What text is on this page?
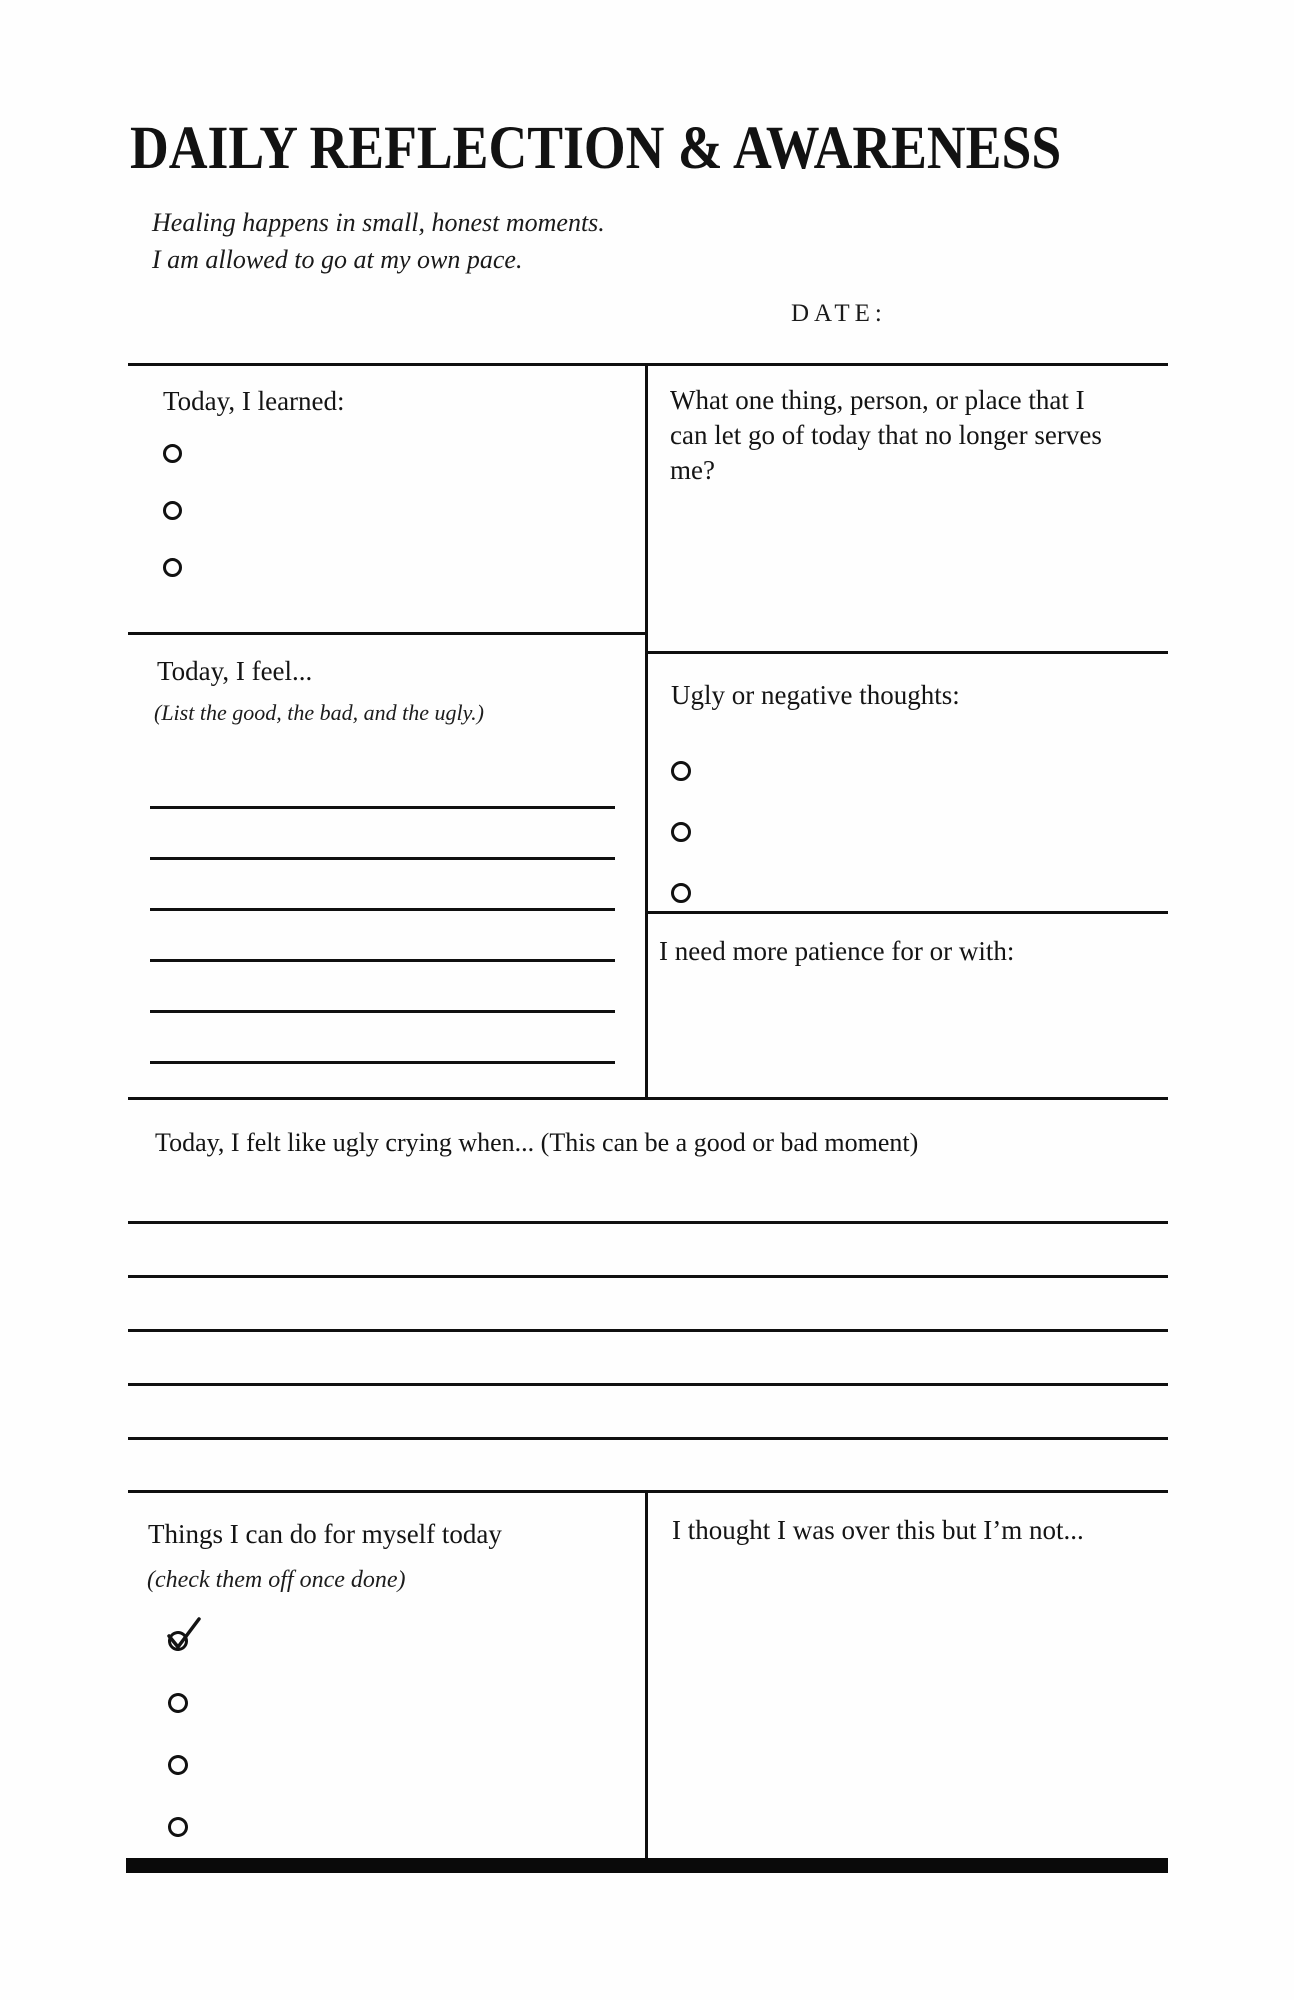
DAILY REFLECTION & AWARENESS
Healing happens in small, honest moments.
I am allowed to go at my own pace.
DATE:
Today, I learned:	What one thing, person, or place that I can let go of today that no longer serves me?
Today, I feel...
(List the good, the bad, and the ugly.)
Ugly or negative thoughts:
I need more patience for or with:
Today, I felt like ugly crying when... (This can be a good or bad moment)
Things I can do for myself today
(check them off once done)
I thought I was over this but I’m not...
